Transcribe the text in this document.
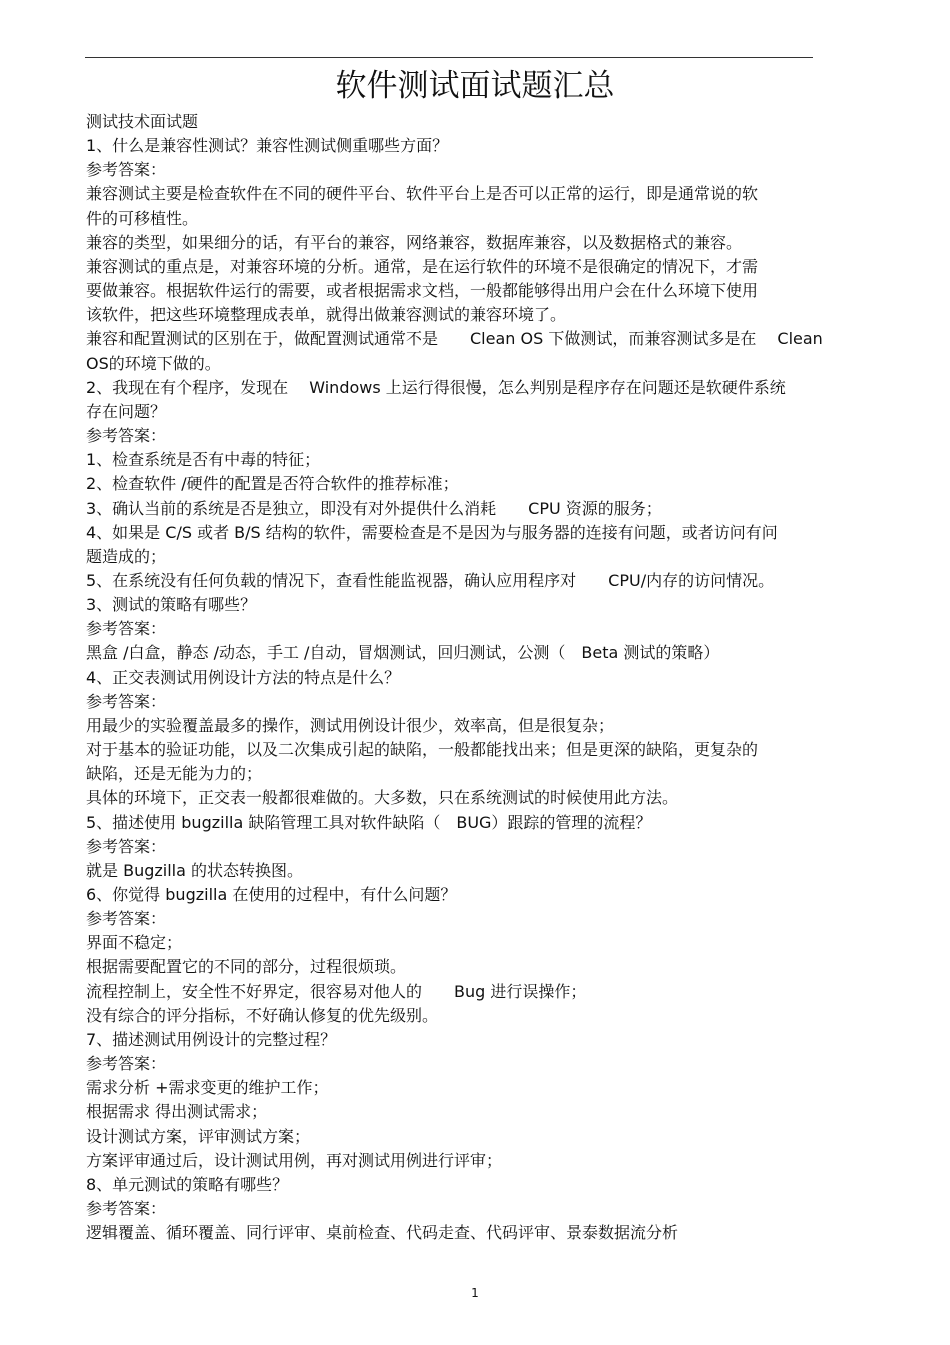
软件测试面试题汇总
测试技术面试题
1、什么是兼容性测试？兼容性测试侧重哪些方面？
参考答案：
兼容测试主要是检查软件在不同的硬件平台、软件平台上是否可以正常的运行，即是通常说的软
件的可移植性。
兼容的类型，如果细分的话，有平台的兼容，网络兼容，数据库兼容，以及数据格式的兼容。
兼容测试的重点是，对兼容环境的分析。通常，是在运行软件的环境不是很确定的情况下，才需
要做兼容。根据软件运行的需要，或者根据需求文档，一般都能够得出用户会在什么环境下使用
该软件，把这些环境整理成表单，就得出做兼容测试的兼容环境了。
兼容和配置测试的区别在于，做配置测试通常不是　　Clean OS 下做测试，而兼容测试多是在　 Clean
OS的环境下做的。
2、我现在有个程序，发现在　 Windows 上运行得很慢，怎么判别是程序存在问题还是软硬件系统
存在问题？
参考答案：
1、检查系统是否有中毒的特征；
2、检查软件 /硬件的配置是否符合软件的推荐标准；
3、确认当前的系统是否是独立，即没有对外提供什么消耗　　CPU 资源的服务；
4、如果是 C/S 或者 B/S 结构的软件，需要检查是不是因为与服务器的连接有问题，或者访问有问
题造成的；
5、在系统没有任何负载的情况下，查看性能监视器，确认应用程序对　　CPU/内存的访问情况。
3、测试的策略有哪些？
参考答案：
黑盒 /白盒，静态 /动态，手工 /自动，冒烟测试，回归测试，公测（　Beta 测试的策略）
4、正交表测试用例设计方法的特点是什么？
参考答案：
用最少的实验覆盖最多的操作，测试用例设计很少，效率高，但是很复杂；
对于基本的验证功能，以及二次集成引起的缺陷，一般都能找出来；但是更深的缺陷，更复杂的
缺陷，还是无能为力的；
具体的环境下，正交表一般都很难做的。大多数，只在系统测试的时候使用此方法。
5、描述使用 bugzilla 缺陷管理工具对软件缺陷（　BUG）跟踪的管理的流程？
参考答案：
就是 Bugzilla 的状态转换图。
6、你觉得 bugzilla 在使用的过程中，有什么问题？
参考答案：
界面不稳定；
根据需要配置它的不同的部分，过程很烦琐。
流程控制上，安全性不好界定，很容易对他人的　　Bug 进行误操作；
没有综合的评分指标，不好确认修复的优先级别。
7、描述测试用例设计的完整过程？
参考答案：
需求分析 +需求变更的维护工作；
根据需求 得出测试需求；
设计测试方案，评审测试方案；
方案评审通过后，设计测试用例，再对测试用例进行评审；
8、单元测试的策略有哪些？
参考答案：
逻辑覆盖、循环覆盖、同行评审、桌前检查、代码走查、代码评审、景泰数据流分析
1
